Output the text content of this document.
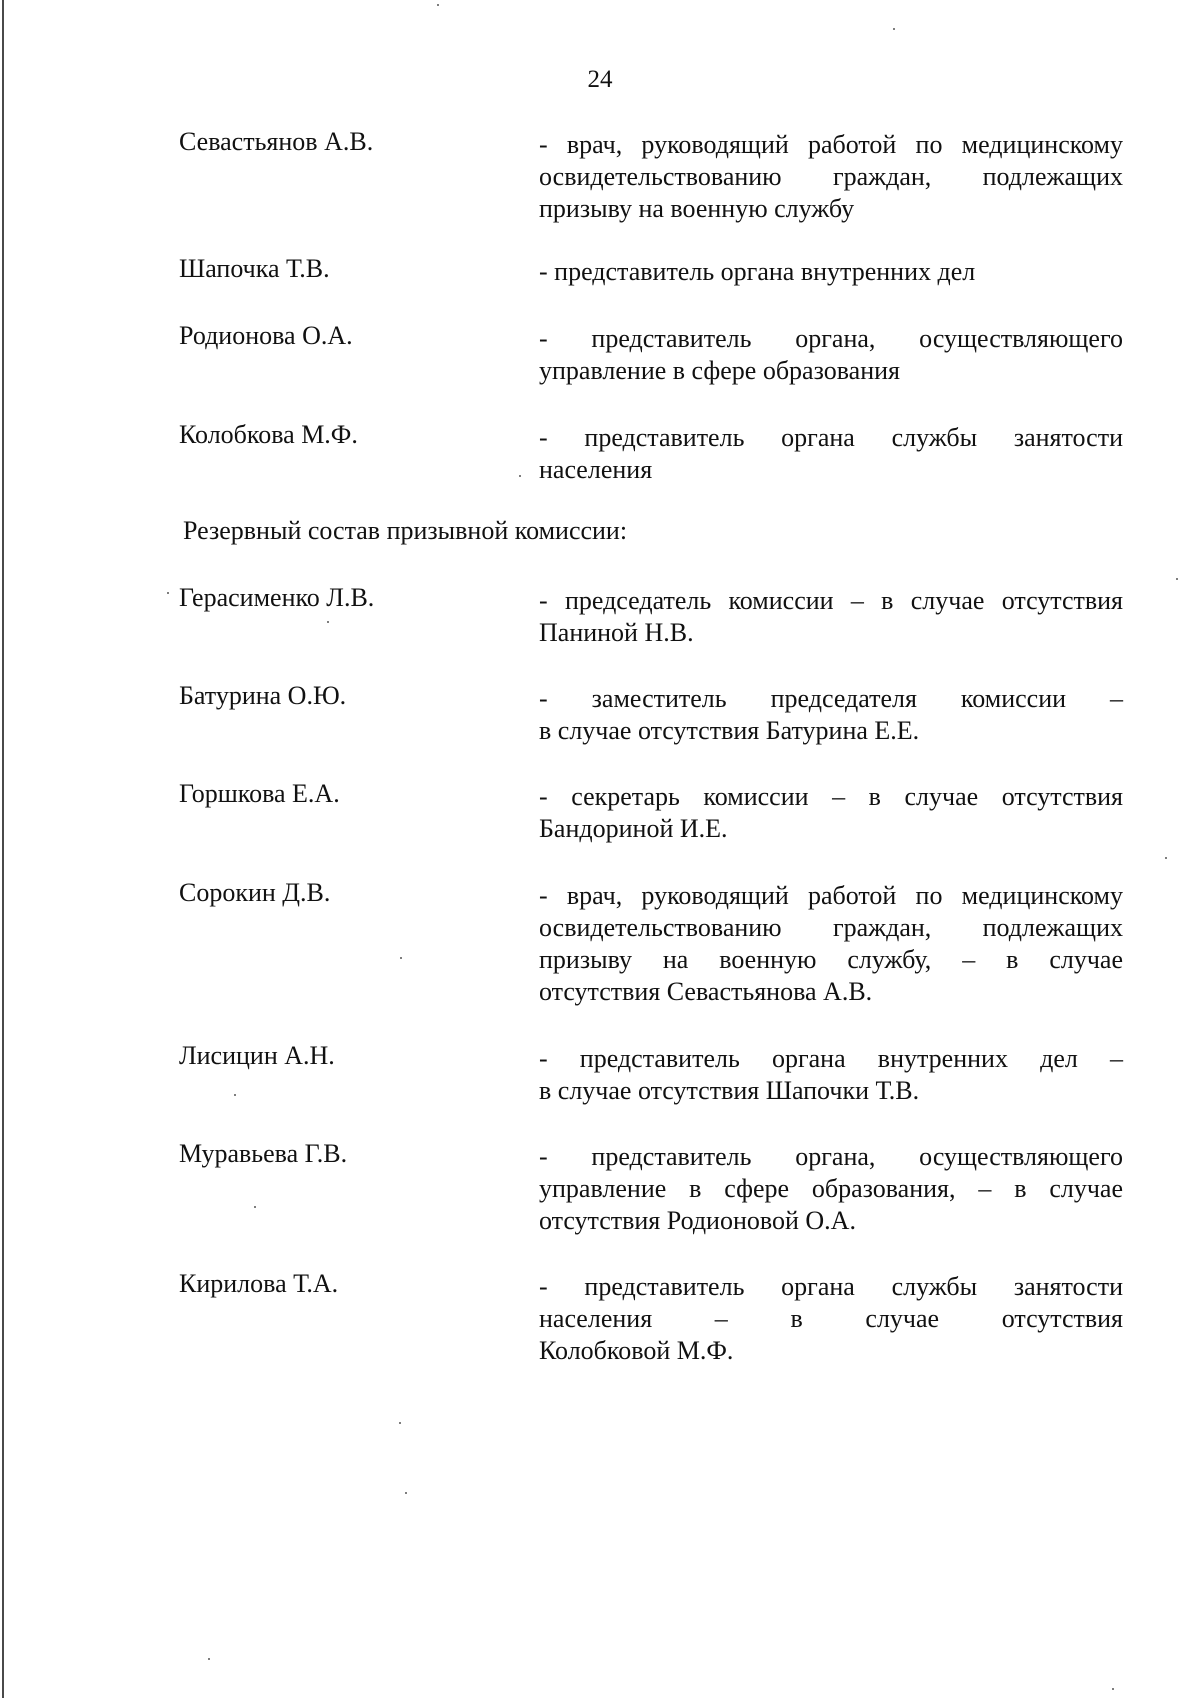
24
Севастьянов А.В.	- врач, руководящий работой по медицинскому
освидетельствованию граждан, подлежащих
призыву на военную службу
Шапочка Т.В.	- представитель органа внутренних дел
Родионова О.А.	- представитель органа, осуществляющего
управление в сфере образования
Колобкова М.Ф.	- представитель органа службы занятости
населения
Резервный состав призывной комиссии:
Герасименко Л.В.	- председатель комиссии – в случае отсутствия
Паниной Н.В.
Батурина О.Ю.	- заместитель председателя комиссии –
в случае отсутствия Батурина Е.Е.
Горшкова Е.А.	- секретарь комиссии – в случае отсутствия
Бандориной И.Е.
Сорокин Д.В.	- врач, руководящий работой по медицинскому
освидетельствованию граждан, подлежащих
призыву на военную службу, – в случае
отсутствия Севастьянова А.В.
Лисицин А.Н.	- представитель органа внутренних дел –
в случае отсутствия Шапочки Т.В.
Муравьева Г.В.	- представитель органа, осуществляющего
управление в сфере образования, – в случае
отсутствия Родионовой О.А.
Кирилова Т.А.	- представитель органа службы занятости
населения – в случае отсутствия
Колобковой М.Ф.
